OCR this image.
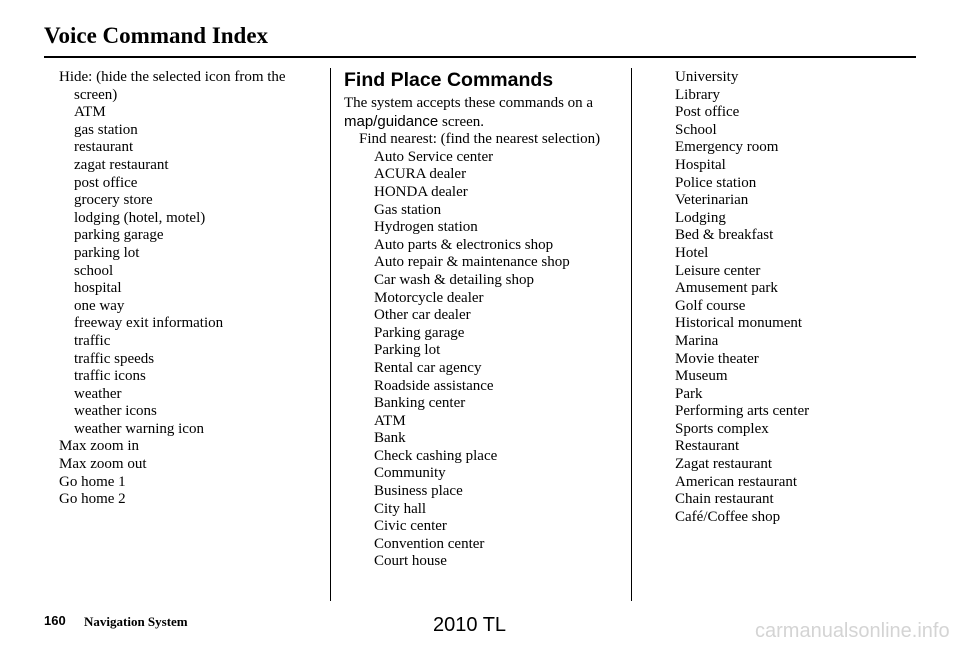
Voice Command Index

Hide: (hide the selected icon from the screen)

ATM

gas station

restaurant

zagat restaurant

post office

grocery store

lodging (hotel, motel)

parking garage

parking lot

school

hospital

one way

freeway exit information

traffic

traffic speeds

traffic icons

weather

weather icons

weather warning icon

Max zoom in

Max zoom out

Go home 1

Go home 2

Find Place Commands

The system accepts these commands on a map/guidance screen.

Find nearest: (find the nearest selection)

Auto Service center

ACURA dealer

HONDA dealer

Gas station

Hydrogen station

Auto parts & electronics shop

Auto repair & maintenance shop

Car wash & detailing shop

Motorcycle dealer

Other car dealer

Parking garage

Parking lot

Rental car agency

Roadside assistance

Banking center

ATM

Bank

Check cashing place

Community

Business place

City hall

Civic center

Convention center

Court house

University

Library

Post office

School

Emergency room

Hospital

Police station

Veterinarian

Lodging

Bed & breakfast

Hotel

Leisure center

Amusement park

Golf course

Historical monument

Marina

Movie theater

Museum

Park

Performing arts center

Sports complex

Restaurant

Zagat restaurant

American restaurant

Chain restaurant

Café/Coffee shop

160 Navigation System	2010 TL	carmanualsonline.info
